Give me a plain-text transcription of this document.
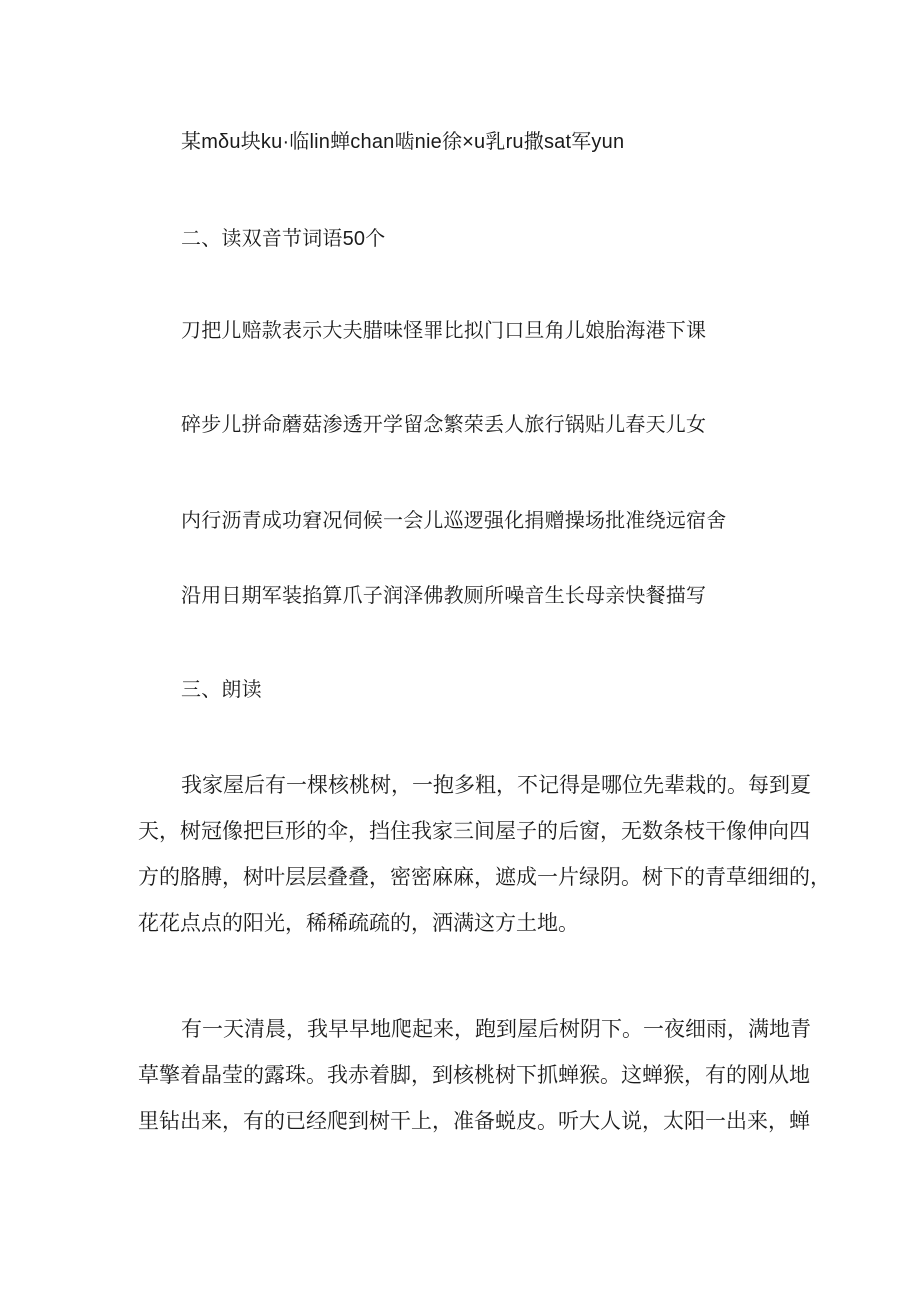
某mδu块ku·临lin蝉chan啮nie徐×u乳ru撒sat军yun

二、读双音节词语50个

刀把儿赔款表示大夫腊味怪罪比拟门口旦角儿娘胎海港下课

碎步儿拼命蘑菇渗透开学留念繁荣丢人旅行锅贴儿春天儿女

内行沥青成功窘况伺候一会儿巡逻强化捐赠操场批准绕远宿舍

沿用日期军装掐算爪子润泽佛教厕所噪音生长母亲快餐描写

三、朗读

我家屋后有一棵核桃树，一抱多粗，不记得是哪位先辈栽的。每到夏
天，树冠像把巨形的伞，挡住我家三间屋子的后窗，无数条枝干像伸向四
方的胳膊，树叶层层叠叠，密密麻麻，遮成一片绿阴。树下的青草细细的，
花花点点的阳光，稀稀疏疏的，洒满这方土地。
有一天清晨，我早早地爬起来，跑到屋后树阴下。一夜细雨，满地青
草擎着晶莹的露珠。我赤着脚，到核桃树下抓蝉猴。这蝉猴，有的刚从地
里钻出来，有的已经爬到树干上，准备蜕皮。听大人说，太阳一出来，蝉
